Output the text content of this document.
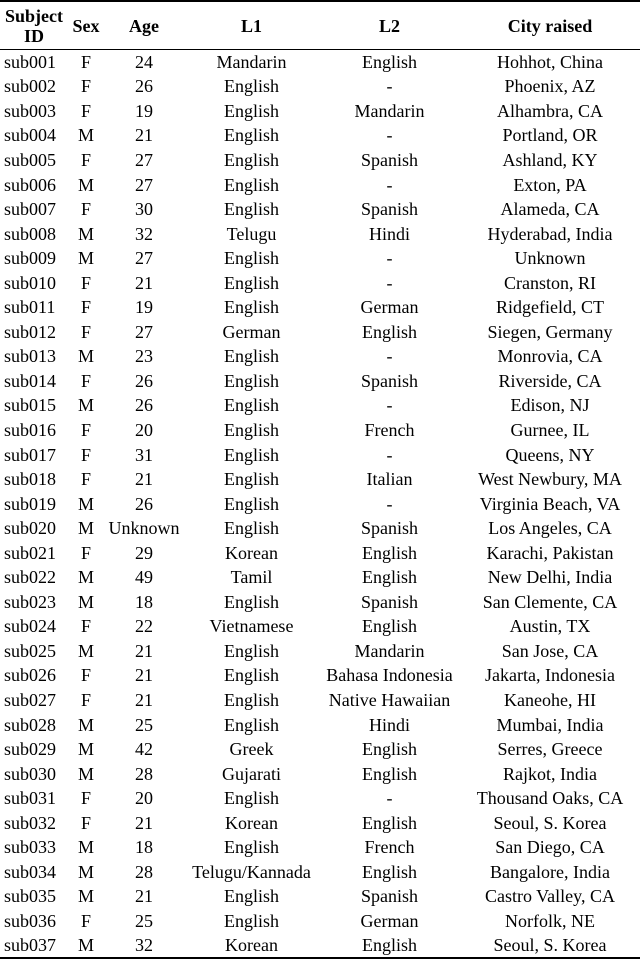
Subject
ID	Sex	Age	L1	L2	City raised
sub001	F	24	Mandarin	English	Hohhot, China
sub002	F	26	English	-	Phoenix, AZ
sub003	F	19	English	Mandarin	Alhambra, CA
sub004	M	21	English	-	Portland, OR
sub005	F	27	English	Spanish	Ashland, KY
sub006	M	27	English	-	Exton, PA
sub007	F	30	English	Spanish	Alameda, CA
sub008	M	32	Telugu	Hindi	Hyderabad, India
sub009	M	27	English	-	Unknown
sub010	F	21	English	-	Cranston, RI
sub011	F	19	English	German	Ridgefield, CT
sub012	F	27	German	English	Siegen, Germany
sub013	M	23	English	-	Monrovia, CA
sub014	F	26	English	Spanish	Riverside, CA
sub015	M	26	English	-	Edison, NJ
sub016	F	20	English	French	Gurnee, IL
sub017	F	31	English	-	Queens, NY
sub018	F	21	English	Italian	West Newbury, MA
sub019	M	26	English	-	Virginia Beach, VA
sub020	M	Unknown	English	Spanish	Los Angeles, CA
sub021	F	29	Korean	English	Karachi, Pakistan
sub022	M	49	Tamil	English	New Delhi, India
sub023	M	18	English	Spanish	San Clemente, CA
sub024	F	22	Vietnamese	English	Austin, TX
sub025	M	21	English	Mandarin	San Jose, CA
sub026	F	21	English	Bahasa Indonesia	Jakarta, Indonesia
sub027	F	21	English	Native Hawaiian	Kaneohe, HI
sub028	M	25	English	Hindi	Mumbai, India
sub029	M	42	Greek	English	Serres, Greece
sub030	M	28	Gujarati	English	Rajkot, India
sub031	F	20	English	-	Thousand Oaks, CA
sub032	F	21	Korean	English	Seoul, S. Korea
sub033	M	18	English	French	San Diego, CA
sub034	M	28	Telugu/Kannada	English	Bangalore, India
sub035	M	21	English	Spanish	Castro Valley, CA
sub036	F	25	English	German	Norfolk, NE
sub037	M	32	Korean	English	Seoul, S. Korea
